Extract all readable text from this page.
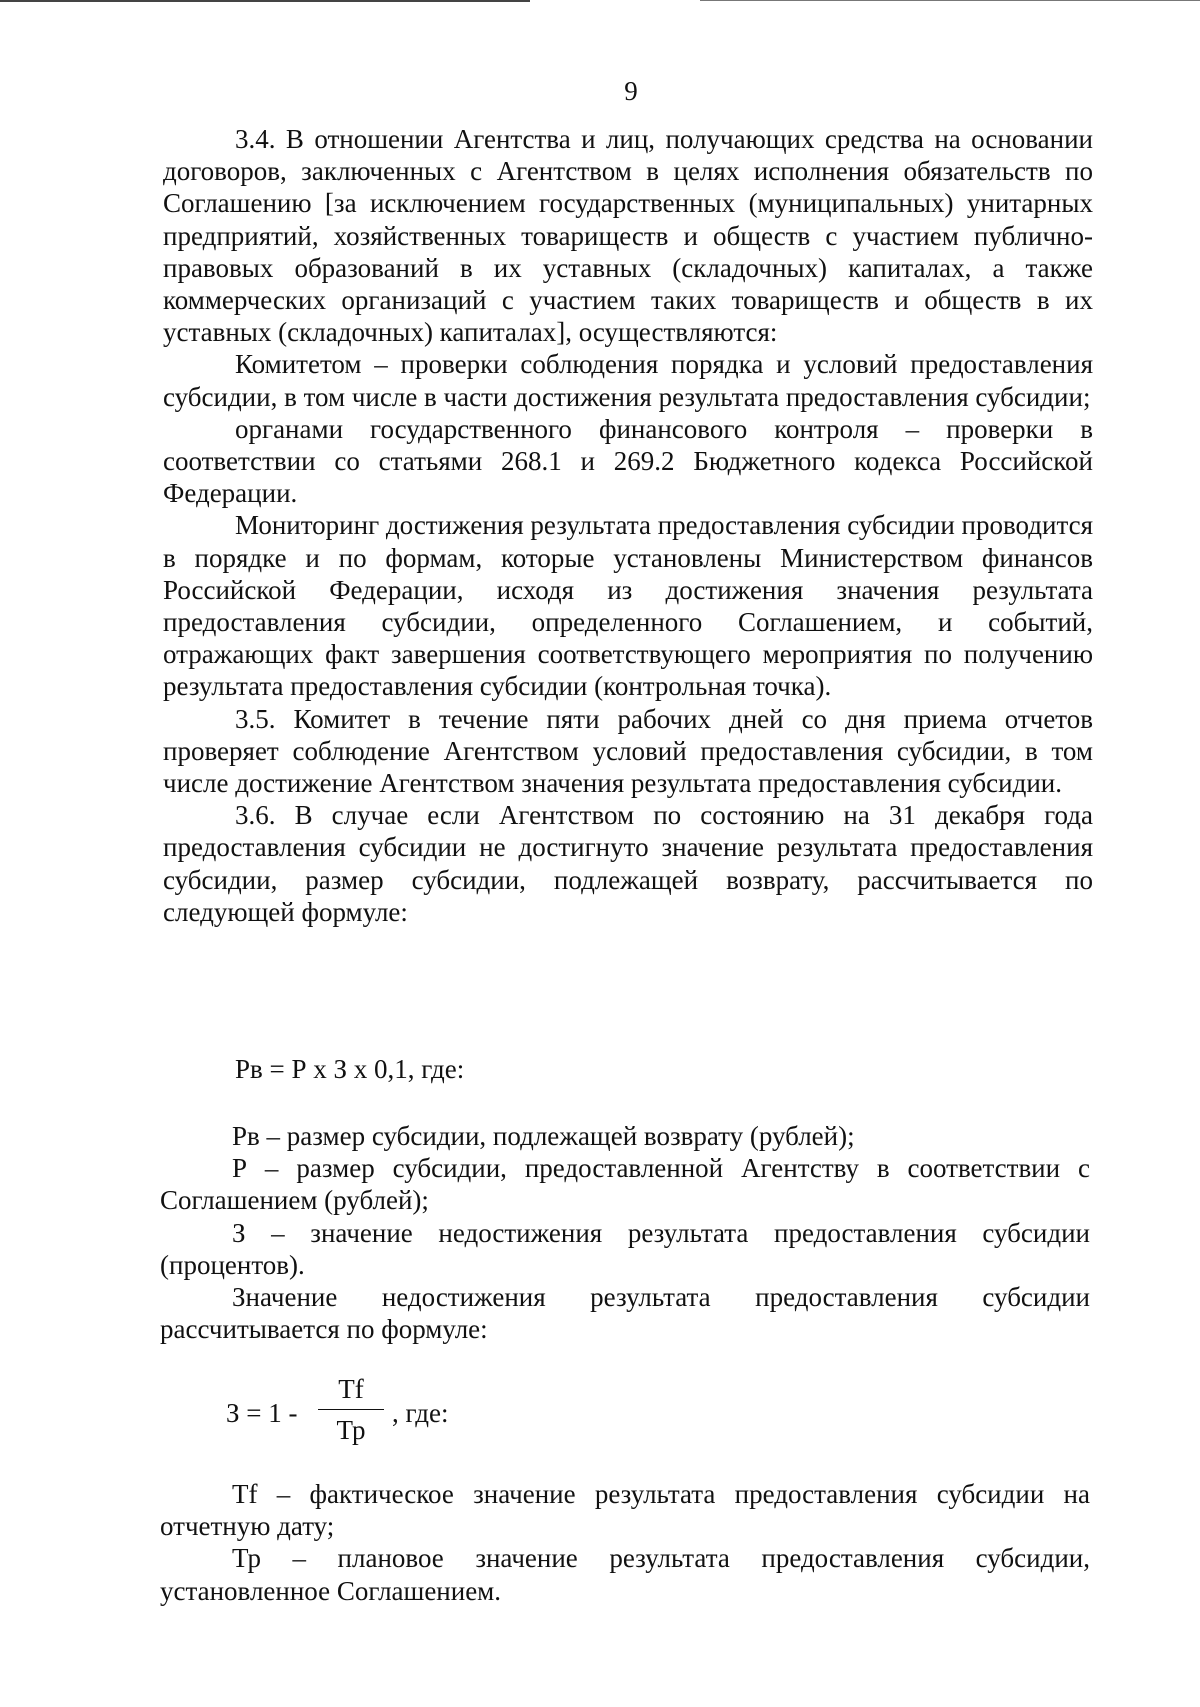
9

3.4. В отношении Агентства и лиц, получающих средства на основании договоров, заключенных с Агентством в целях исполнения обязательств по Соглашению [за исключением государственных (муниципальных) унитарных предприятий, хозяйственных товариществ и обществ с участием публично-правовых образований в их уставных (складочных) капиталах, а также коммерческих организаций с участием таких товариществ и обществ в их уставных (складочных) капиталах], осуществляются:

Комитетом – проверки соблюдения порядка и условий предоставления субсидии, в том числе в части достижения результата предоставления субсидии;

органами государственного финансового контроля – проверки в соответствии со статьями 268.1 и 269.2 Бюджетного кодекса Российской Федерации.

Мониторинг достижения результата предоставления субсидии проводится в порядке и по формам, которые установлены Министерством финансов Российской Федерации, исходя из достижения значения результата предоставления субсидии, определенного Соглашением, и событий, отражающих факт завершения соответствующего мероприятия по получению результата предоставления субсидии (контрольная точка).

3.5. Комитет в течение пяти рабочих дней со дня приема отчетов проверяет соблюдение Агентством условий предоставления субсидии, в том числе достижение Агентством значения результата предоставления субсидии.

3.6. В случае если Агентством по состоянию на 31 декабря года предоставления субсидии не достигнуто значение результата предоставления субсидии, размер субсидии, подлежащей возврату, рассчитывается по следующей формуле:

Рв = Р х З х 0,1, где:

Рв – размер субсидии, подлежащей возврату (рублей);

Р – размер субсидии, предоставленной Агентству в соответствии с Соглашением (рублей);

З – значение недостижения результата предоставления субсидии (процентов).

Значение недостижения результата предоставления субсидии рассчитывается по формуле:

З = 1 -
Тf
Тр
, где:

Тf – фактическое значение результата предоставления субсидии на отчетную дату;

Тр – плановое значение результата предоставления субсидии, установленное Соглашением.
